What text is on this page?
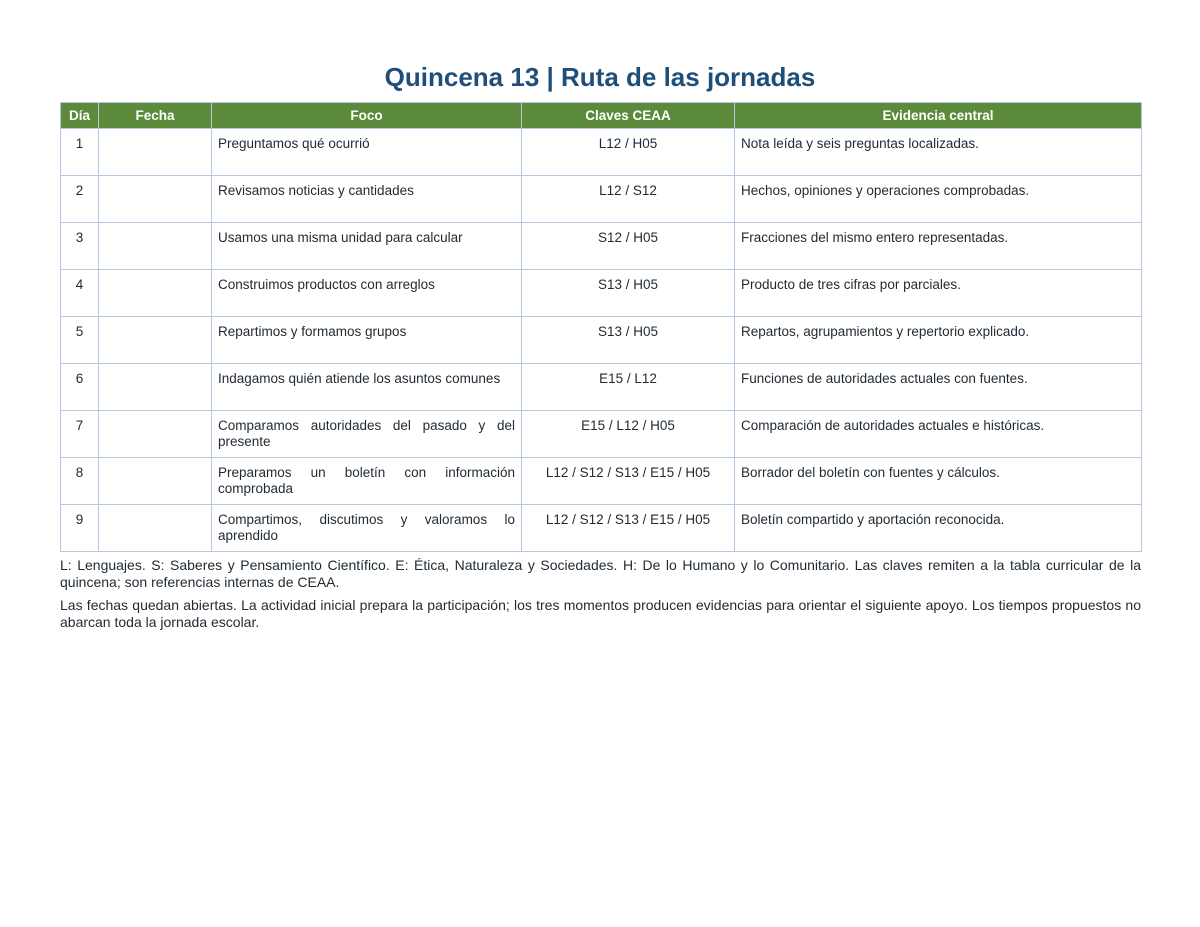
Quincena 13 | Ruta de las jornadas
Día	Fecha	Foco	Claves CEAA	Evidencia central
1		Preguntamos qué ocurrió	L12 / H05	Nota leída y seis preguntas localizadas.
2		Revisamos noticias y cantidades	L12 / S12	Hechos, opiniones y operaciones comprobadas.
3		Usamos una misma unidad para calcular	S12 / H05	Fracciones del mismo entero representadas.
4		Construimos productos con arreglos	S13 / H05	Producto de tres cifras por parciales.
5		Repartimos y formamos grupos	S13 / H05	Repartos, agrupamientos y repertorio explicado.
6		Indagamos quién atiende los asuntos comunes	E15 / L12	Funciones de autoridades actuales con fuentes.
7		Comparamos autoridades del pasado y del presente	E15 / L12 / H05	Comparación de autoridades actuales e históricas.
8		Preparamos un boletín con información comprobada	L12 / S12 / S13 / E15 / H05	Borrador del boletín con fuentes y cálculos.
9		Compartimos, discutimos y valoramos lo aprendido	L12 / S12 / S13 / E15 / H05	Boletín compartido y aportación reconocida.

L: Lenguajes. S: Saberes y Pensamiento Científico. E: Ética, Naturaleza y Sociedades. H: De lo Humano y lo Comunitario. Las claves remiten a la tabla curricular de la quincena; son referencias internas de CEAA.

Las fechas quedan abiertas. La actividad inicial prepara la participación; los tres momentos producen evidencias para orientar el siguiente apoyo. Los tiempos propuestos no abarcan toda la jornada escolar.
